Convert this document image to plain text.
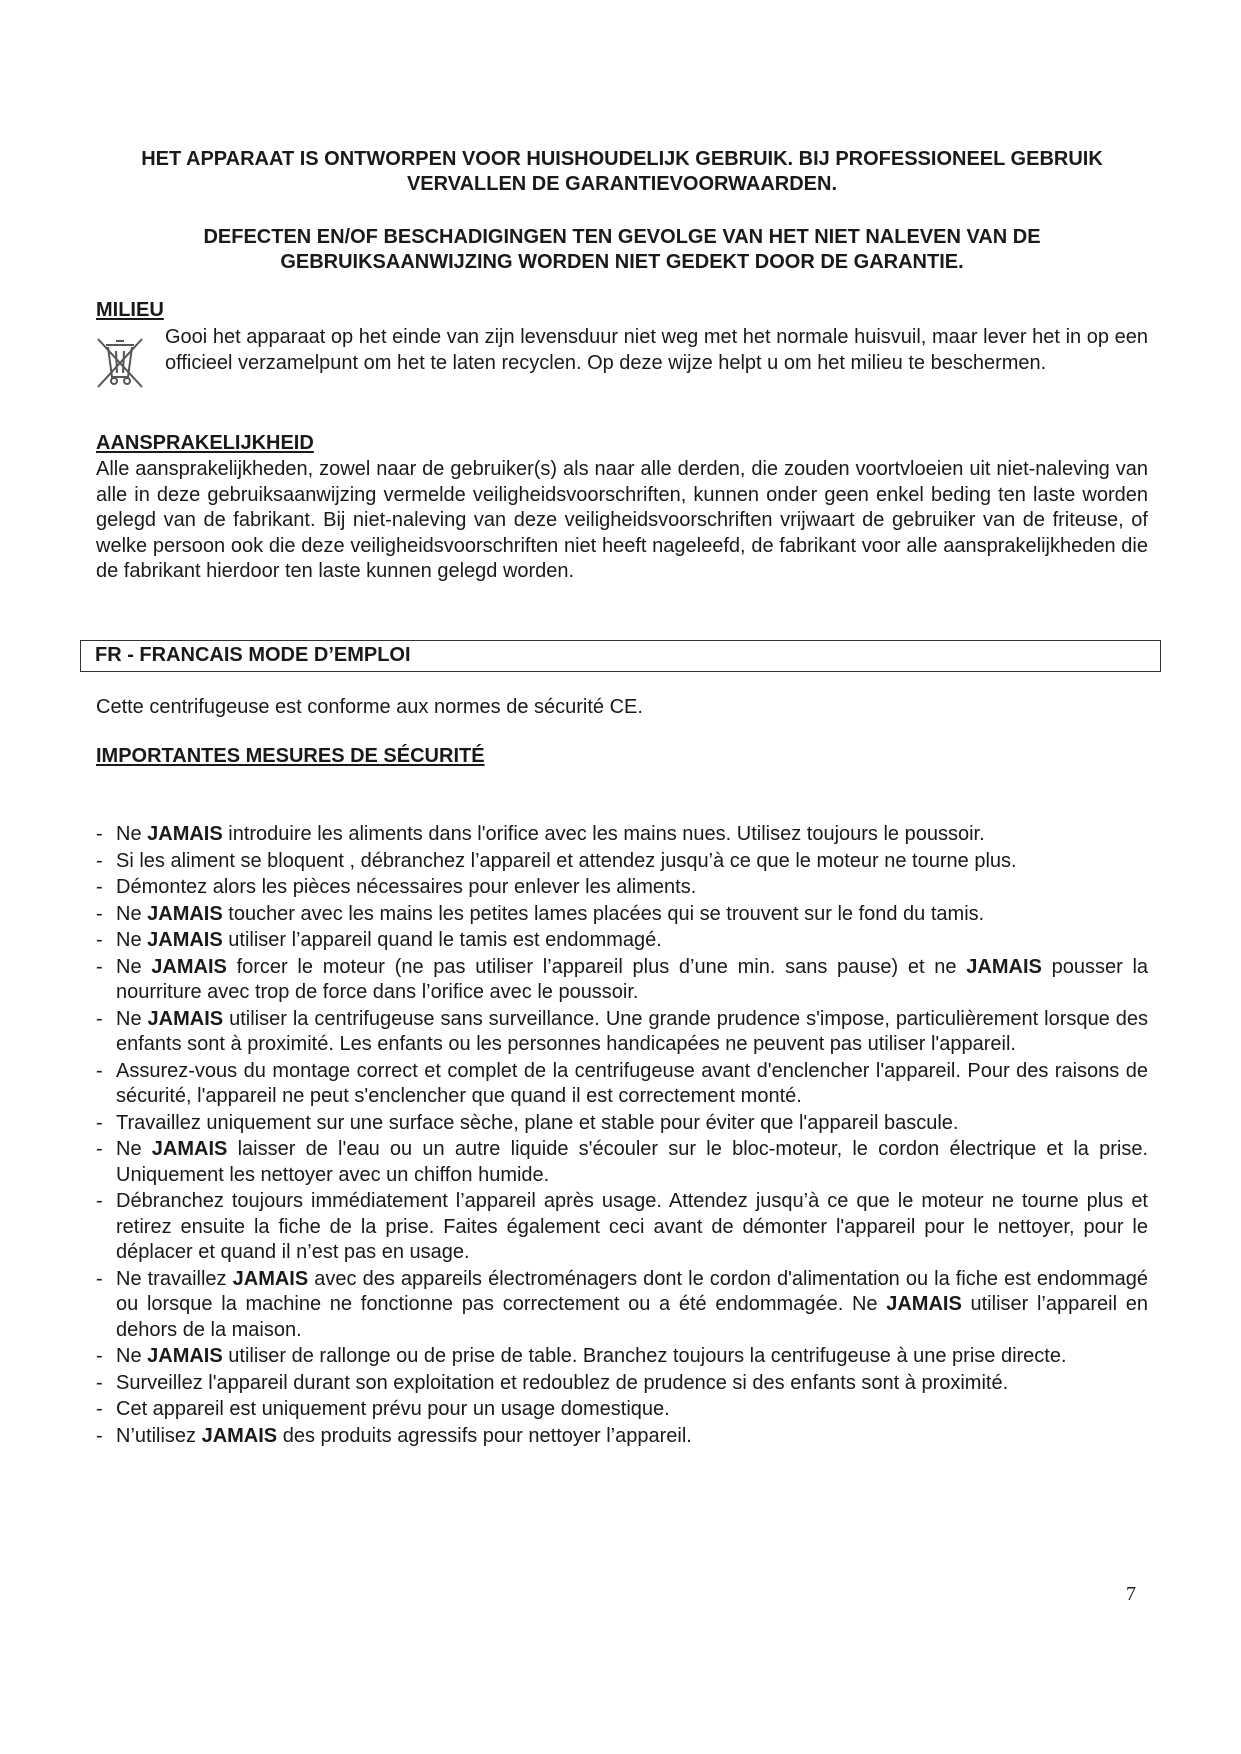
HET APPARAAT IS ONTWORPEN VOOR HUISHOUDELIJK GEBRUIK. BIJ PROFESSIONEEL GEBRUIK VERVALLEN DE GARANTIEVOORWAARDEN.
DEFECTEN EN/OF BESCHADIGINGEN TEN GEVOLGE VAN HET NIET NALEVEN VAN DE GEBRUIKSAANWIJZING WORDEN NIET GEDEKT DOOR DE GARANTIE.
MILIEU
Gooi het apparaat op het einde van zijn levensduur niet weg met het normale huisvuil, maar lever het in op een officieel verzamelpunt om het te laten recyclen. Op deze wijze helpt u om het milieu te beschermen.
AANSPRAKELIJKHEID
Alle aansprakelijkheden, zowel naar de gebruiker(s) als naar alle derden, die zouden voortvloeien uit niet-naleving van alle in deze gebruiksaanwijzing vermelde veiligheidsvoorschriften, kunnen onder geen enkel beding ten laste worden gelegd van de fabrikant. Bij niet-naleving van deze veiligheidsvoorschriften vrijwaart de gebruiker van de friteuse, of welke persoon ook die deze veiligheidsvoorschriften niet heeft nageleefd, de fabrikant voor alle aansprakelijkheden die de fabrikant hierdoor ten laste kunnen gelegd worden.
FR - FRANCAIS MODE D’EMPLOI
Cette centrifugeuse est conforme aux normes de sécurité CE.
IMPORTANTES MESURES DE SÉCURITÉ
- Ne JAMAIS introduire les aliments dans l'orifice avec les mains nues. Utilisez toujours le poussoir.
- Si les aliment se bloquent , débranchez l’appareil et attendez jusqu’à ce que le moteur ne tourne plus.
- Démontez alors les pièces nécessaires pour enlever les aliments.
- Ne JAMAIS toucher avec les mains les petites lames placées qui se trouvent sur le fond du tamis.
- Ne JAMAIS utiliser l’appareil quand le tamis est endommagé.
- Ne JAMAIS forcer le moteur (ne pas utiliser l’appareil plus d’une min. sans pause) et ne JAMAIS pousser la nourriture avec trop de force dans l’orifice avec le poussoir.
- Ne JAMAIS utiliser la centrifugeuse sans surveillance. Une grande prudence s'impose, particulièrement lorsque des enfants sont à proximité. Les enfants ou les personnes handicapées ne peuvent pas utiliser l'appareil.
- Assurez-vous du montage correct et complet de la centrifugeuse avant d'enclencher l'appareil. Pour des raisons de sécurité, l'appareil ne peut s'enclencher que quand il est correctement monté.
- Travaillez uniquement sur une surface sèche, plane et stable pour éviter que l'appareil bascule.
- Ne JAMAIS laisser de l'eau ou un autre liquide s'écouler sur le bloc-moteur, le cordon électrique et la prise. Uniquement les nettoyer avec un chiffon humide.
- Débranchez toujours immédiatement l’appareil après usage. Attendez jusqu’à ce que le moteur ne tourne plus et retirez ensuite la fiche de la prise. Faites également ceci avant de démonter l'appareil pour le nettoyer, pour le déplacer et quand il n’est pas en usage.
- Ne travaillez JAMAIS avec des appareils électroménagers dont le cordon d'alimentation ou la fiche est endommagé ou lorsque la machine ne fonctionne pas correctement ou a été endommagée. Ne JAMAIS utiliser l’appareil en dehors de la maison.
- Ne JAMAIS utiliser de rallonge ou de prise de table. Branchez toujours la centrifugeuse à une prise directe.
- Surveillez l'appareil durant son exploitation et redoublez de prudence si des enfants sont à proximité.
- Cet appareil est uniquement prévu pour un usage domestique.
- N’utilisez JAMAIS des produits agressifs pour nettoyer l’appareil.
7
